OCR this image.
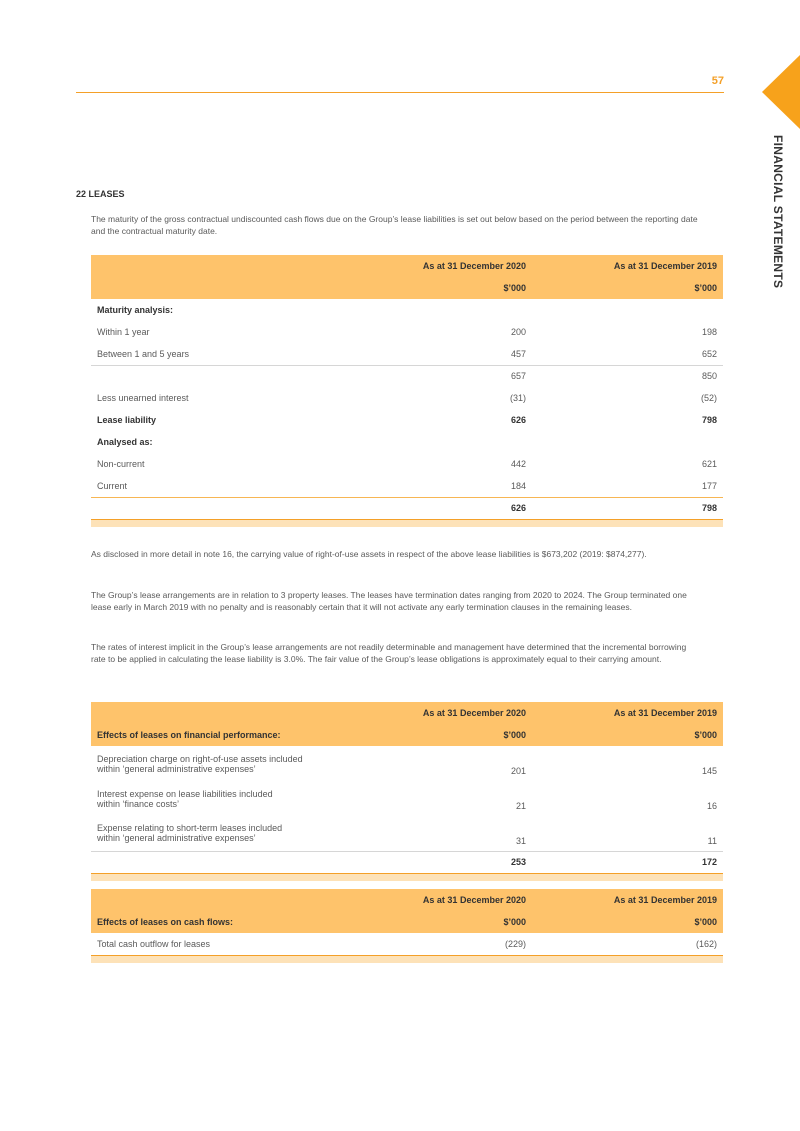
57
FINANCIAL STATEMENTS
22 LEASES
The maturity of the gross contractual undiscounted cash flows due on the Group’s lease liabilities is set out below based on the period between the reporting date and the contractual maturity date.
	As at 31 December 2020	As at 31 December 2019
	$’000	$’000
Maturity analysis:		
Within 1 year	200	198
Between 1 and 5 years	457	652
	657	850
Less unearned interest	(31)	(52)
Lease liability	626	798
Analysed as:		
Non-current	442	621
Current	184	177
	626	798

As disclosed in more detail in note 16, the carrying value of right-of-use assets in respect of the above lease liabilities is $673,202 (2019: $874,277).
The Group’s lease arrangements are in relation to 3 property leases. The leases have termination dates ranging from 2020 to 2024. The Group terminated one lease early in March 2019 with no penalty and is reasonably certain that it will not activate any early termination clauses in the remaining leases.
The rates of interest implicit in the Group’s lease arrangements are not readily determinable and management have determined that the incremental borrowing rate to be applied in calculating the lease liability is 3.0%. The fair value of the Group’s lease obligations is approximately equal to their carrying amount.
	As at 31 December 2020	As at 31 December 2019
Effects of leases on financial performance:	$’000	$’000

Depreciation charge on right-of-use assets included
within ‘general administrative expenses’	201	145

Interest expense on lease liabilities included
within ‘finance costs’	21	16

Expense relating to short-term leases included
within ‘general administrative expenses’	31	11
	253	172

	As at 31 December 2020	As at 31 December 2019
Effects of leases on cash flows:	$’000	$’000
Total cash outflow for leases	(229)	(162)
